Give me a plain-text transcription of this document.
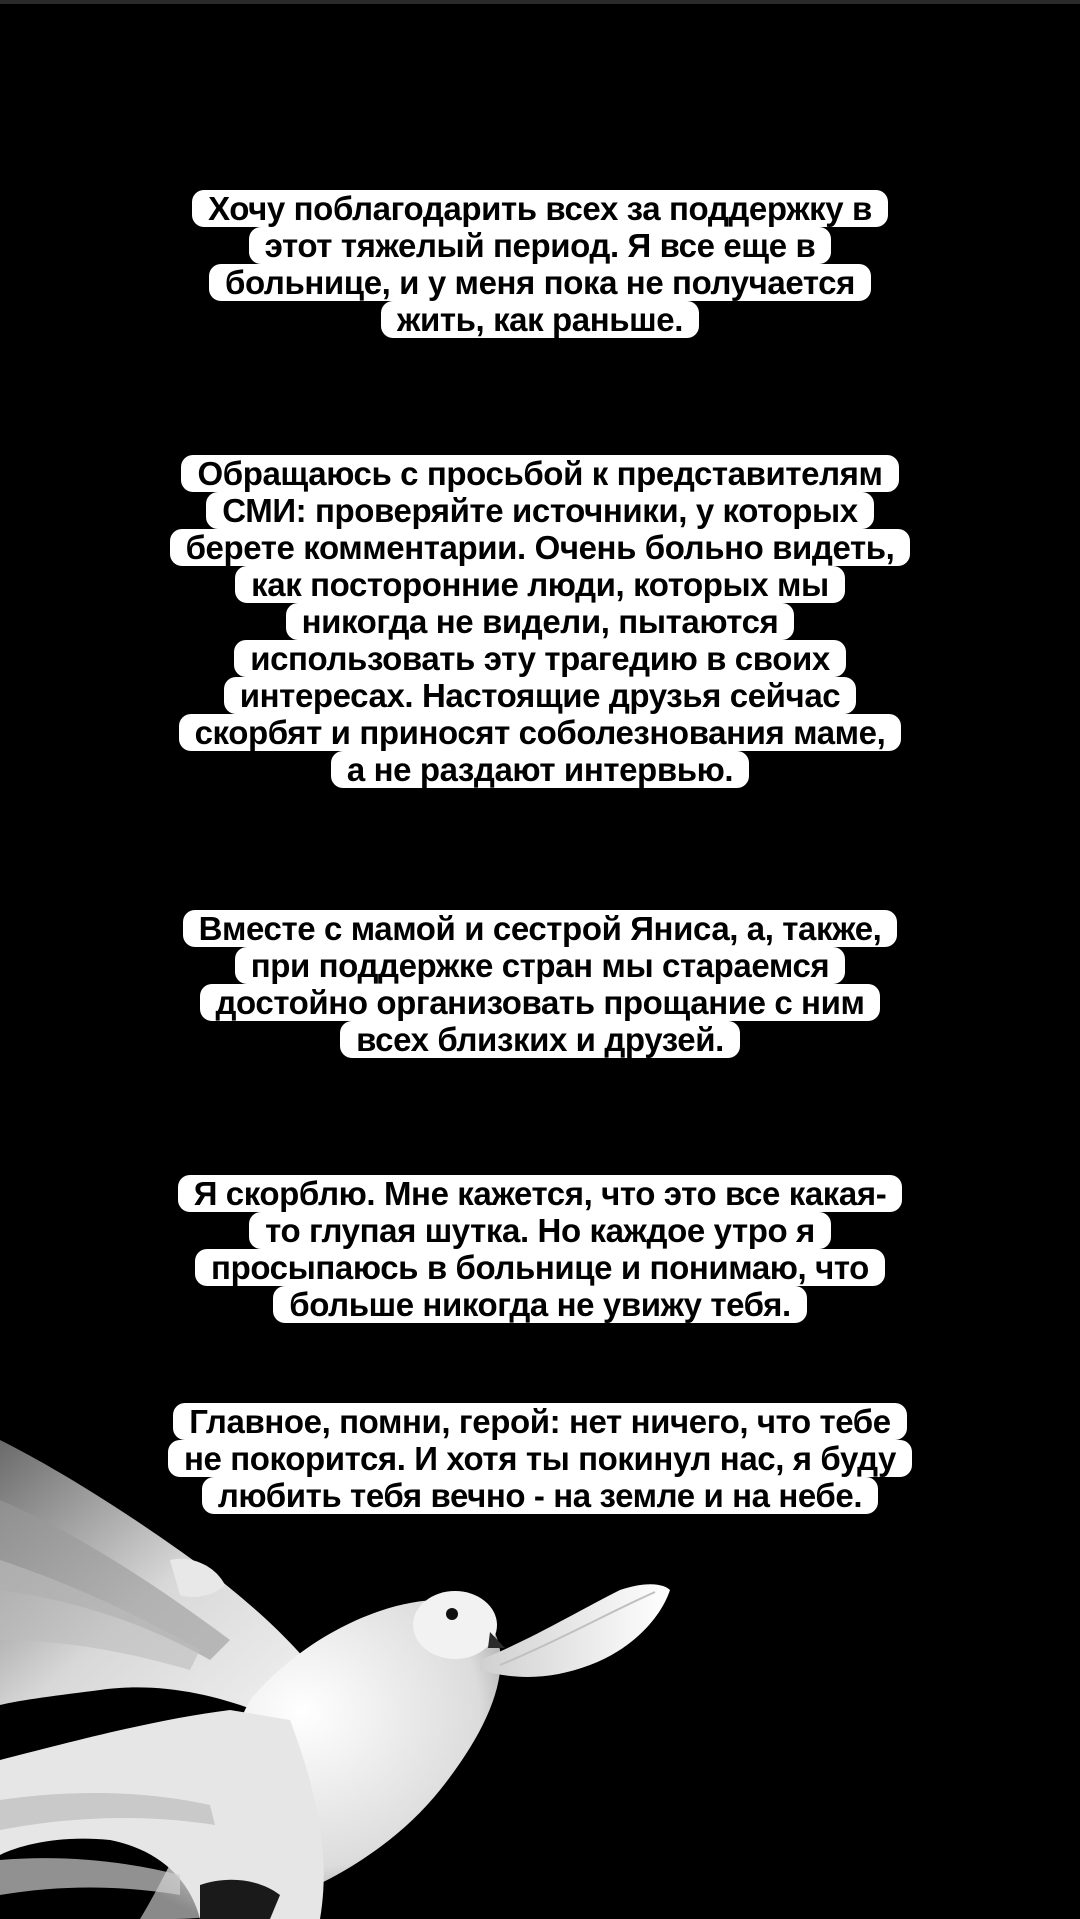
Хочу поблагодарить всех за поддержку в
этот тяжелый период. Я все еще в
больнице, и у меня пока не получается
жить, как раньше.
Обращаюсь с просьбой к представителям
СМИ: проверяйте источники, у которых
берете комментарии. Очень больно видеть,
как посторонние люди, которых мы
никогда не видели, пытаются
использовать эту трагедию в своих
интересах. Настоящие друзья сейчас
скорбят и приносят соболезнования маме,
а не раздают интервью.
Вместе с мамой и сестрой Яниса, а, также,
при поддержке стран мы стараемся
достойно организовать прощание с ним
всех близких и друзей.
Я скорблю. Мне кажется, что это все какая-
то глупая шутка. Но каждое утро я
просыпаюсь в больнице и понимаю, что
больше никогда не увижу тебя.
Главное, помни, герой: нет ничего, что тебе
не покорится. И хотя ты покинул нас, я буду
любить тебя вечно - на земле и на небе.
